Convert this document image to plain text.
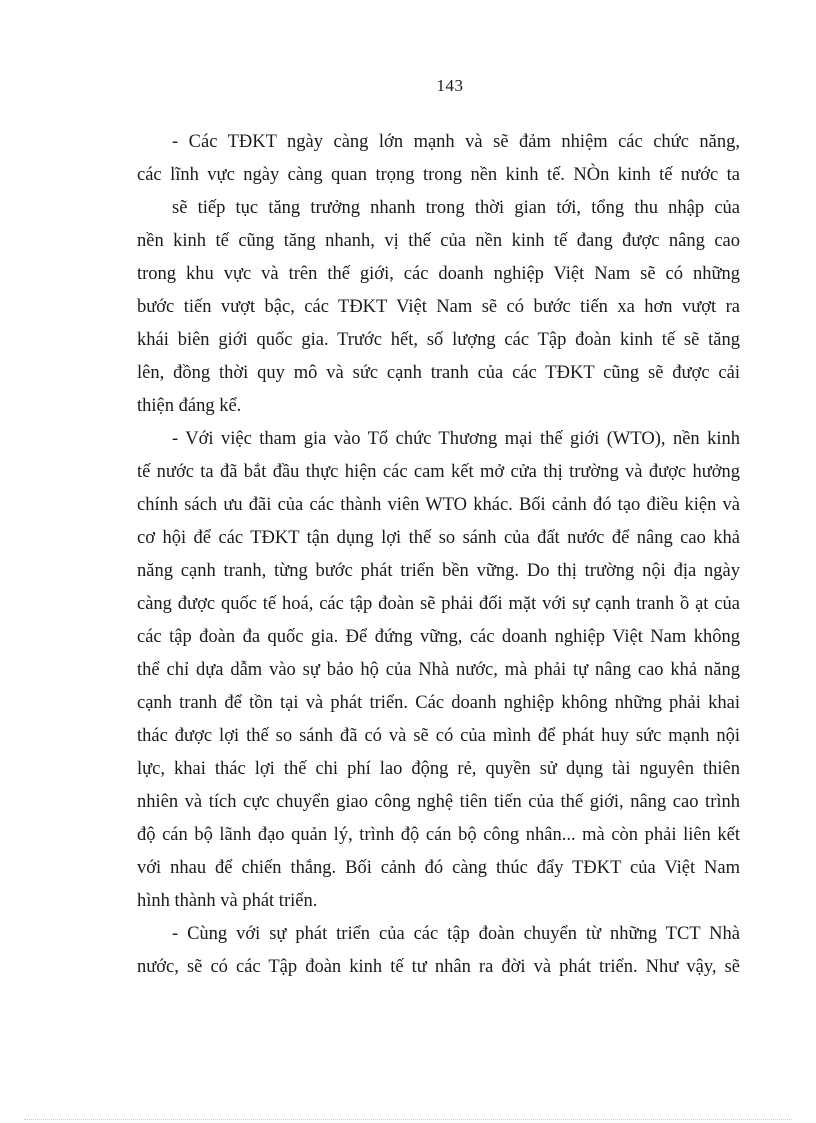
143
- Các TĐKT ngày càng lớn mạnh và sẽ đảm nhiệm các chức năng,
các lĩnh vực ngày càng quan trọng trong nền kinh tế. NÒn kinh tế nước ta
sẽ tiếp tục tăng trưởng nhanh trong thời gian tới, tổng thu nhập của
nền kinh tế cũng tăng nhanh, vị thế của nền kinh tế đang được nâng cao
trong khu vực và trên thế giới, các doanh nghiệp Việt Nam sẽ có những
bước tiến vượt bậc, các TĐKT Việt Nam sẽ có bước tiến xa hơn vượt ra
khái biên giới quốc gia. Trước hết, số lượng các Tập đoàn kinh tế sẽ tăng
lên, đồng thời quy mô và sức cạnh tranh của các TĐKT cũng sẽ được cải
thiện đáng kể.
- Với việc tham gia vào Tổ chức Thương mại thế giới (WTO), nền kinh
tế nước ta đã bắt đầu thực hiện các cam kết mở cửa thị trường và được hưởng
chính sách ưu đãi của các thành viên WTO khác. Bối cảnh đó tạo điều kiện và
cơ hội để các TĐKT tận dụng lợi thế so sánh của đất nước để nâng cao khả
năng cạnh tranh, từng bước phát triển bền vững. Do thị trường nội địa ngày
càng được quốc tế hoá, các tập đoàn sẽ phải đối mặt với sự cạnh tranh ồ ạt của
các tập đoàn đa quốc gia. Để đứng vững, các doanh nghiệp Việt Nam không
thể chỉ dựa dẫm vào sự bảo hộ của Nhà nước, mà phải tự nâng cao khả năng
cạnh tranh để tồn tại và phát triển. Các doanh nghiệp không những phải khai
thác được lợi thế so sánh đã có và sẽ có của mình để phát huy sức mạnh nội
lực, khai thác lợi thế chi phí lao động rẻ, quyền sử dụng tài nguyên thiên
nhiên và tích cực chuyển giao công nghệ tiên tiến của thế giới, nâng cao trình
độ cán bộ lãnh đạo quản lý, trình độ cán bộ công nhân... mà còn phải liên kết
với nhau để chiến thắng. Bối cảnh đó càng thúc đẩy TĐKT của Việt Nam
hình thành và phát triển.
- Cùng với sự phát triển của các tập đoàn chuyển từ những TCT Nhà
nước, sẽ có các Tập đoàn kinh tế tư nhân ra đời và phát triển. Như vậy, sẽ
